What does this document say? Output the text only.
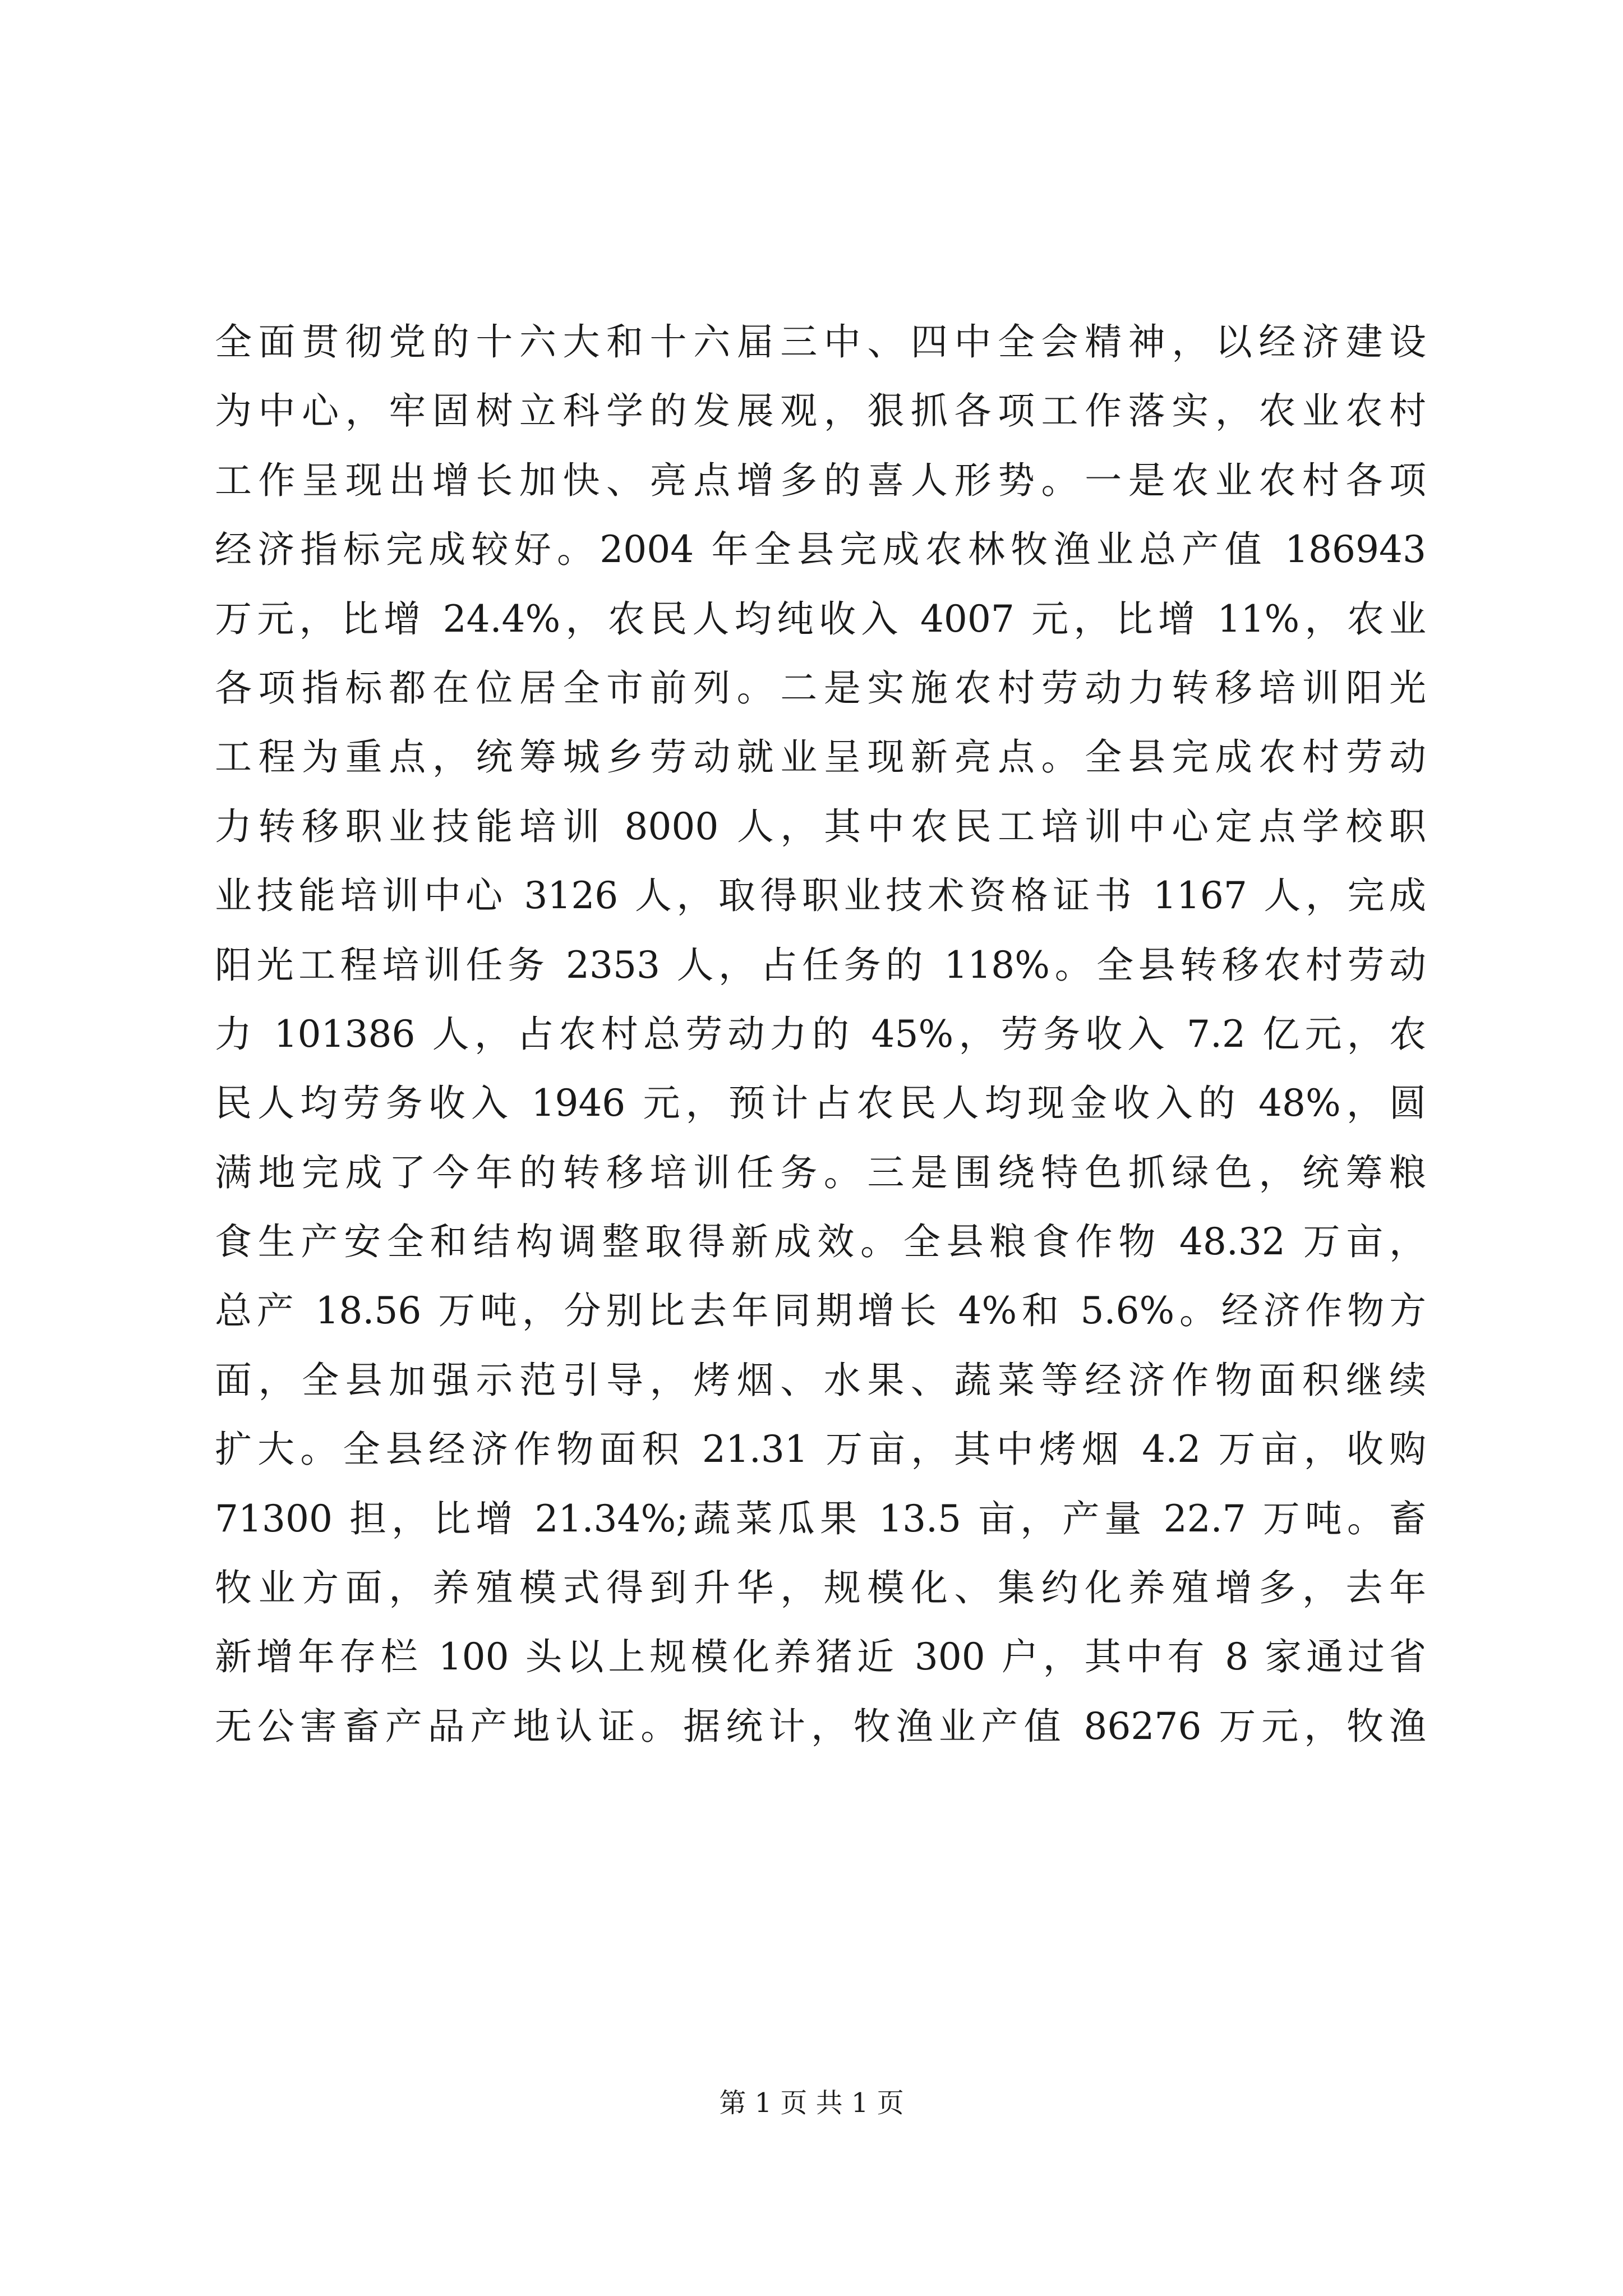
全面贯彻党的十六大和十六届三中、四中全会精神，以经济建设
为中心，牢固树立科学的发展观，狠抓各项工作落实，农业农村
工作呈现出增长加快、亮点增多的喜人形势。一是农业农村各项
经济指标完成较好。2004 年全县完成农林牧渔业总产值 186943
万元，比增 24.4%，农民人均纯收入 4007 元，比增 11%，农业
各项指标都在位居全市前列。二是实施农村劳动力转移培训阳光
工程为重点，统筹城乡劳动就业呈现新亮点。全县完成农村劳动
力转移职业技能培训 8000 人，其中农民工培训中心定点学校职
业技能培训中心 3126 人，取得职业技术资格证书 1167 人，完成
阳光工程培训任务 2353 人，占任务的 118%。全县转移农村劳动
力 101386 人，占农村总劳动力的 45%，劳务收入 7.2 亿元，农
民人均劳务收入 1946 元，预计占农民人均现金收入的 48%，圆
满地完成了今年的转移培训任务。三是围绕特色抓绿色，统筹粮
食生产安全和结构调整取得新成效。全县粮食作物 48.32 万亩，
总产 18.56 万吨，分别比去年同期增长 4%和 5.6%。经济作物方
面，全县加强示范引导，烤烟、水果、蔬菜等经济作物面积继续
扩大。全县经济作物面积 21.31 万亩，其中烤烟 4.2 万亩，收购
71300 担，比增 21.34%;蔬菜瓜果 13.5 亩，产量 22.7 万吨。畜
牧业方面，养殖模式得到升华，规模化、集约化养殖增多，去年
新增年存栏 100 头以上规模化养猪近 300 户，其中有 8 家通过省
无公害畜产品产地认证。据统计，牧渔业产值 86276 万元，牧渔
第 1 页 共 1 页
